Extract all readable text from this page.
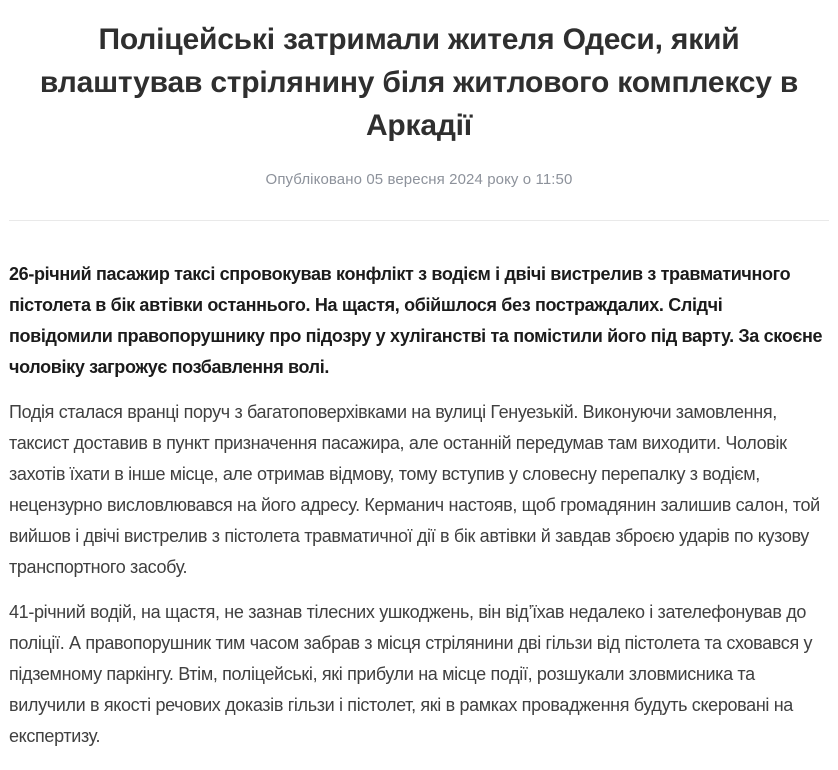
Поліцейські затримали жителя Одеси, який влаштував стрілянину біля житлового комплексу в Аркадії
Опубліковано 05 вересня 2024 року о 11:50

26-річний пасажир таксі спровокував конфлікт з водієм і двічі вистрелив з травматичного пістолета в бік автівки останнього. На щастя, обійшлося без постраждалих. Слідчі повідомили правопорушнику про підозру у хуліганстві та помістили його під варту. За скоєне чоловіку загрожує позбавлення волі.

Подія сталася вранці поруч з багатоповерхівками на вулиці Генуезькій. Виконуючи замовлення, таксист доставив в пункт призначення пасажира, але останній передумав там виходити. Чоловік захотів їхати в інше місце, але отримав відмову, тому вступив у словесну перепалку з водієм, нецензурно висловлювався на його адресу. Керманич настояв, щоб громадянин залишив салон, той вийшов і двічі вистрелив з пістолета травматичної дії в бік автівки й завдав зброєю ударів по кузову транспортного засобу.

41-річний водій, на щастя, не зазнав тілесних ушкоджень, він від’їхав недалеко і зателефонував до поліції. А правопорушник тим часом забрав з місця стрілянини дві гільзи від пістолета та сховався у підземному паркінгу. Втім, поліцейські, які прибули на місце події, розшукали зловмисника та вилучили в якості речових доказів гільзи і пістолет, які в рамках провадження будуть скеровані на експертизу.
